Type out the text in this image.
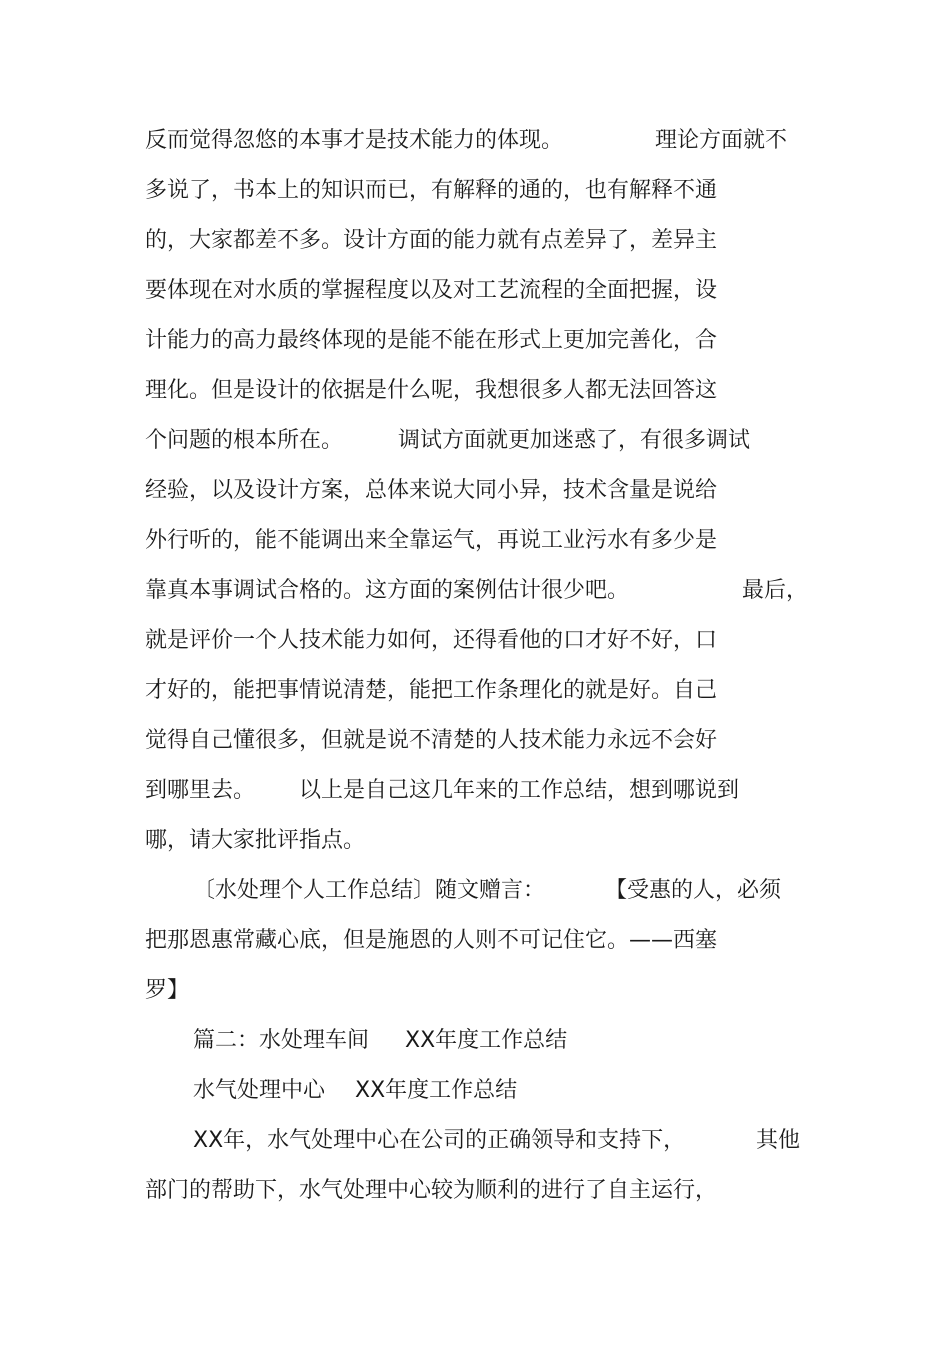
反而觉得忽悠的本事才是技术能力的体现。	理论方面就不
多说了，书本上的知识而已，有解释的通的，也有解释不通
的，大家都差不多。设计方面的能力就有点差异了，差异主
要体现在对水质的掌握程度以及对工艺流程的全面把握，设
计能力的高力最终体现的是能不能在形式上更加完善化，合
理化。但是设计的依据是什么呢，我想很多人都无法回答这
个问题的根本所在。 调试方面就更加迷惑了，有很多调试
经验，以及设计方案，总体来说大同小异，技术含量是说给
外行听的，能不能调出来全靠运气，再说工业污水有多少是
靠真本事调试合格的。这方面的案例估计很少吧。	最后，
就是评价一个人技术能力如何，还得看他的口才好不好，口
才好的，能把事情说清楚，能把工作条理化的就是好。自己
觉得自己懂很多，但就是说不清楚的人技术能力永远不会好
到哪里去。 以上是自己这几年来的工作总结，想到哪说到
哪，请大家批评指点。
〔水处理个人工作总结〕随文赠言：	【受惠的人，必须
把那恩惠常藏心底，但是施恩的人则不可记住它。——西塞
罗】
篇二：水处理车间 XX年度工作总结
水气处理中心 XX年度工作总结
XX年，水气处理中心在公司的正确领导和支持下，	其他
部门的帮助下，水气处理中心较为顺利的进行了自主运行，
